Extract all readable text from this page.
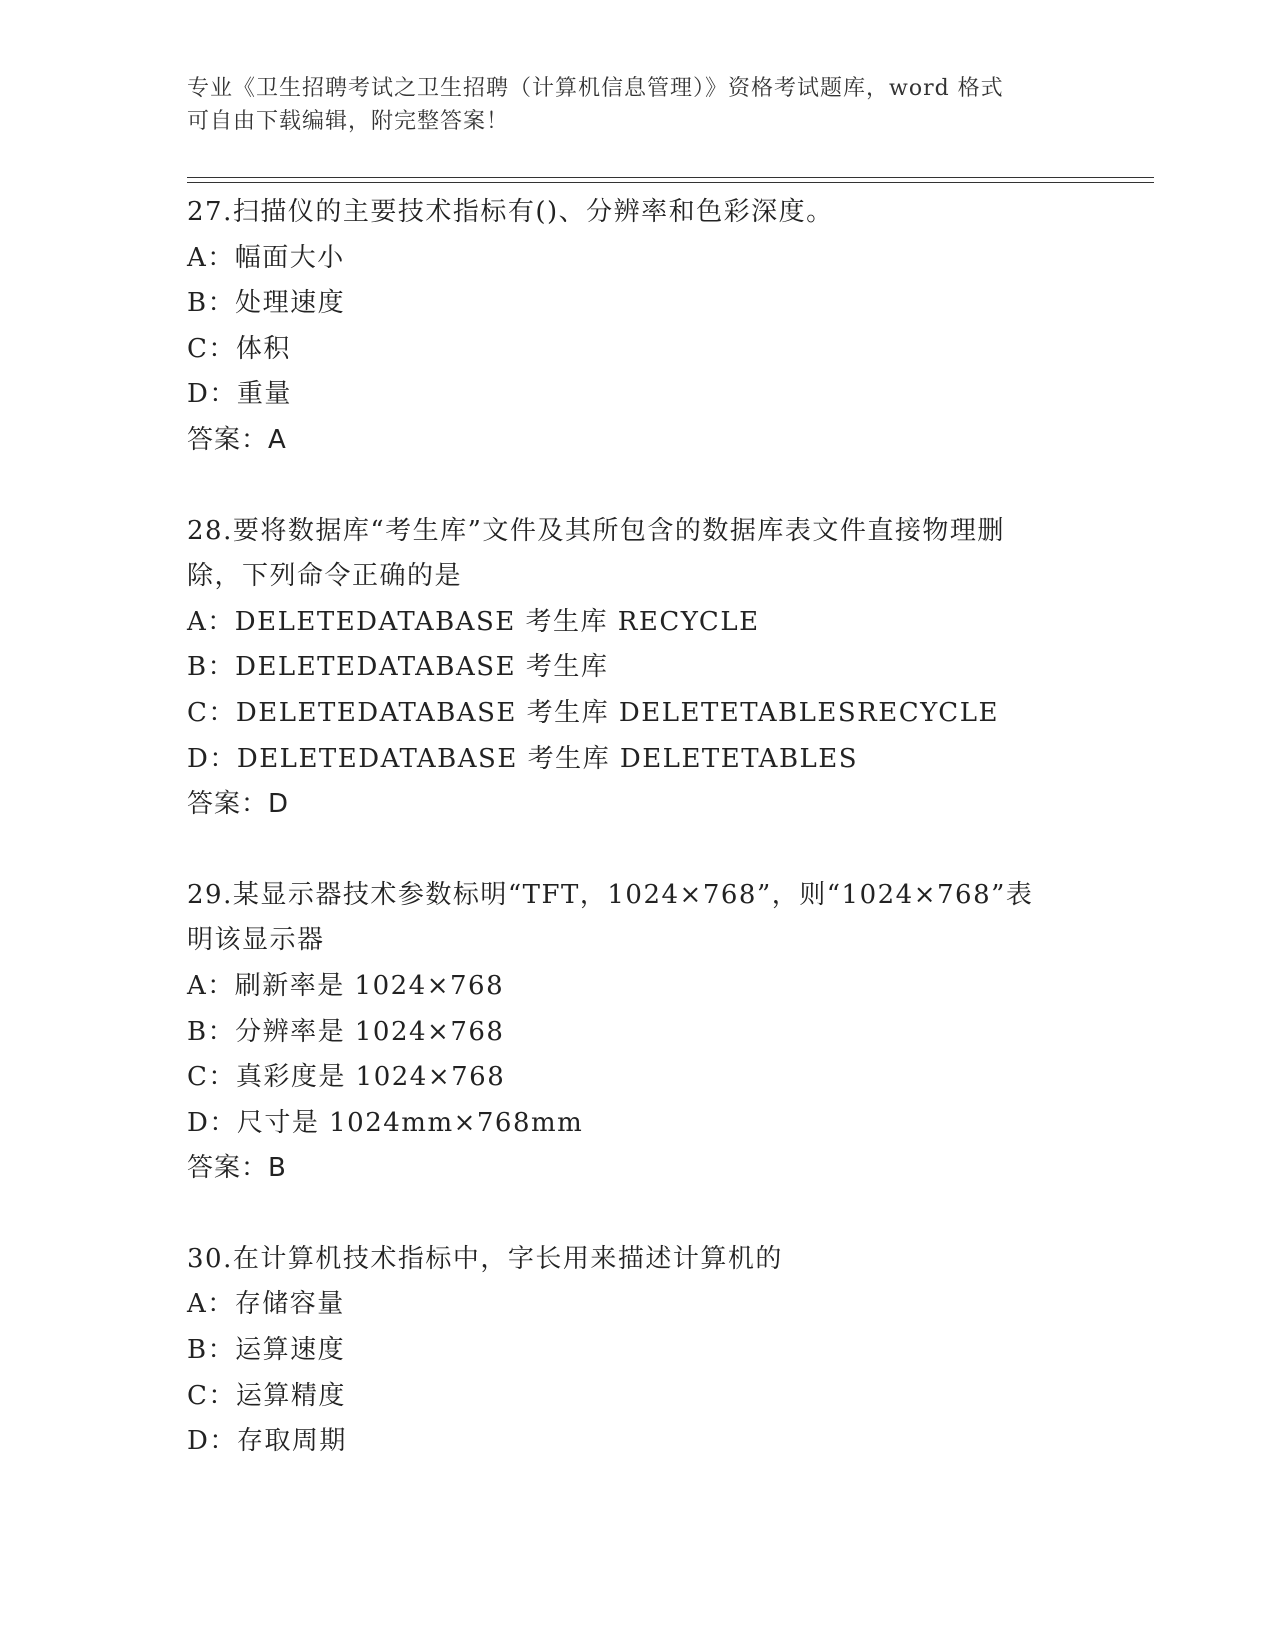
专业《卫生招聘考试之卫生招聘（计算机信息管理）》资格考试题库，word 格式
可自由下载编辑，附完整答案！
27.扫描仪的主要技术指标有()、分辨率和色彩深度。
A：幅面大小
B：处理速度
C：体积
D：重量
答案：A
28.要将数据库“考生库”文件及其所包含的数据库表文件直接物理删
除，下列命令正确的是
A：DELETEDATABASE 考生库 RECYCLE
B：DELETEDATABASE 考生库
C：DELETEDATABASE 考生库 DELETETABLESRECYCLE
D：DELETEDATABASE 考生库 DELETETABLES
答案：D
29.某显示器技术参数标明“TFT，1024×768”，则“1024×768”表
明该显示器
A：刷新率是 1024×768
B：分辨率是 1024×768
C：真彩度是 1024×768
D：尺寸是 1024mm×768mm
答案：B
30.在计算机技术指标中，字长用来描述计算机的
A：存储容量
B：运算速度
C：运算精度
D：存取周期
